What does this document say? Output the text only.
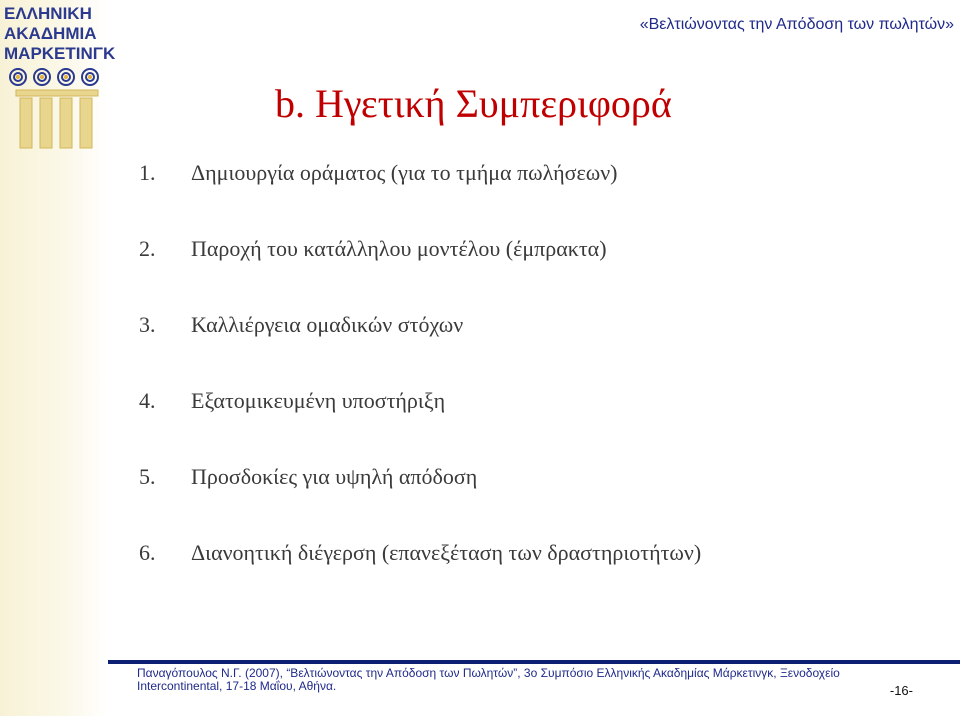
ΕΛΛΗΝΙΚΗ
ΑΚΑΔΗΜΙΑ
ΜΑΡΚΕΤΙΝΓΚ
«Βελτιώνοντας την Απόδοση των πωλητών»
b. Ηγετική Συμπεριφορά
1.	Δημιουργία οράματος (για το τμήμα πωλήσεων)
2.	Παροχή του κατάλληλου μοντέλου (έμπρακτα)
3.	Καλλιέργεια ομαδικών στόχων
4.	Εξατομικευμένη υποστήριξη
5.	Προσδοκίες για υψηλή απόδοση
6.	Διανοητική διέγερση (επανεξέταση των δραστηριοτήτων)
Παναγόπουλος Ν.Γ. (2007), “Βελτιώνοντας την Απόδοση των Πωλητών”, 3ο Συμπόσιο Ελληνικής Ακαδημίας Μάρκετινγκ, Ξενοδοχείο
Intercontinental, 17-18 Μαΐου, Αθήνα.	-16-
